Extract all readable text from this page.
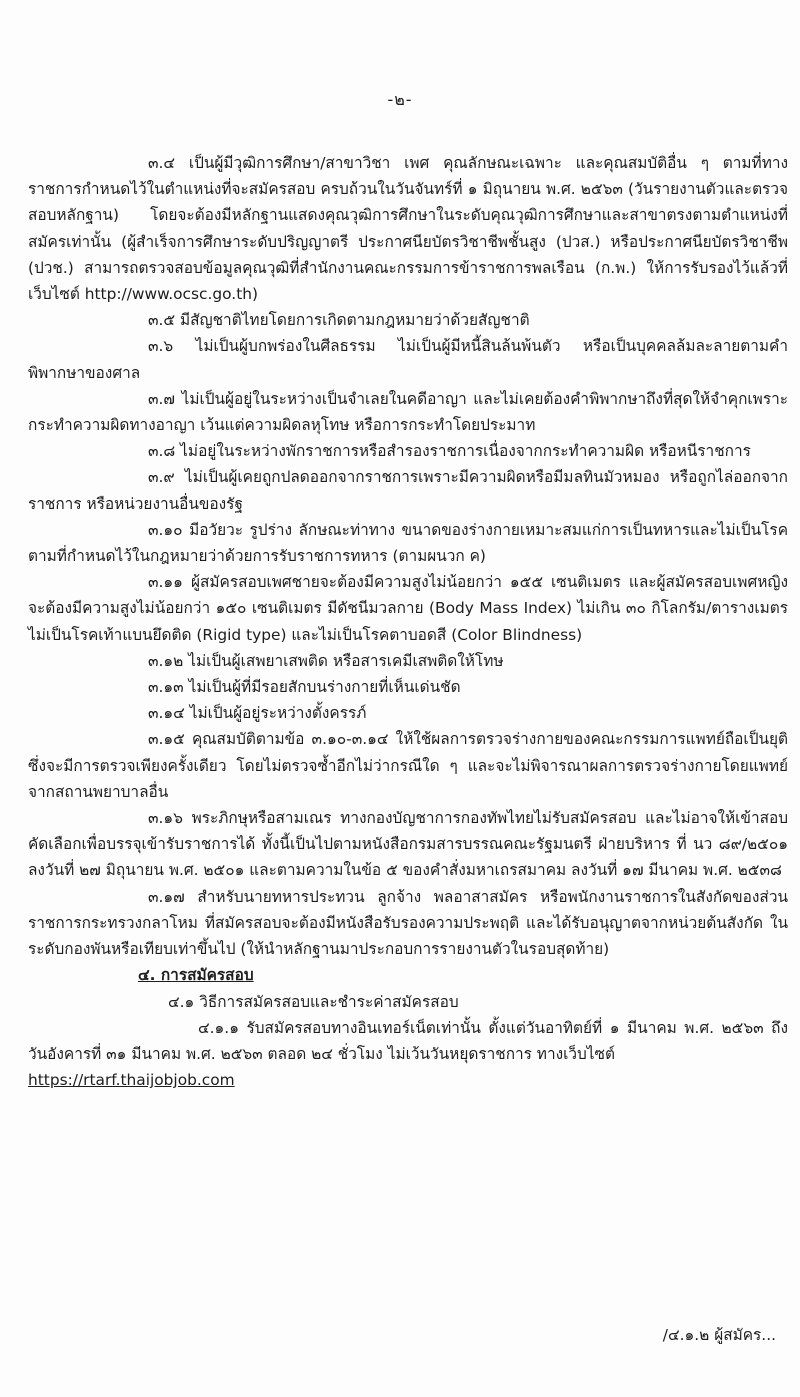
-๒-

๓.๔ เป็นผู้มีวุฒิการศึกษา/สาขาวิชา เพศ คุณลักษณะเฉพาะ และคุณสมบัติอื่น ๆ ตามที่ทางราชการกำหนดไว้ในตำแหน่งที่จะสมัครสอบ ครบถ้วนในวันจันทร์ที่ ๑ มิถุนายน พ.ศ. ๒๕๖๓ (วันรายงานตัวและตรวจสอบหลักฐาน) โดยจะต้องมีหลักฐานแสดงคุณวุฒิการศึกษาในระดับคุณวุฒิการศึกษาและสาขาตรงตามตำแหน่งที่สมัครเท่านั้น (ผู้สำเร็จการศึกษาระดับปริญญาตรี ประกาศนียบัตรวิชาชีพชั้นสูง (ปวส.) หรือประกาศนียบัตรวิชาชีพ (ปวช.) สามารถตรวจสอบข้อมูลคุณวุฒิที่สำนักงานคณะกรรมการข้าราชการพลเรือน (ก.พ.) ให้การรับรองไว้แล้วที่เว็บไซต์ http://www.ocsc.go.th)

๓.๕ มีสัญชาติไทยโดยการเกิดตามกฎหมายว่าด้วยสัญชาติ

๓.๖ ไม่เป็นผู้บกพร่องในศีลธรรม ไม่เป็นผู้มีหนี้สินล้นพ้นตัว หรือเป็นบุคคลล้มละลายตามคำพิพากษาของศาล

๓.๗ ไม่เป็นผู้อยู่ในระหว่างเป็นจำเลยในคดีอาญา และไม่เคยต้องคำพิพากษาถึงที่สุดให้จำคุกเพราะกระทำความผิดทางอาญา เว้นแต่ความผิดลหุโทษ หรือการกระทำโดยประมาท

๓.๘ ไม่อยู่ในระหว่างพักราชการหรือสำรองราชการเนื่องจากกระทำความผิด หรือหนีราชการ

๓.๙ ไม่เป็นผู้เคยถูกปลดออกจากราชการเพราะมีความผิดหรือมีมลทินมัวหมอง หรือถูกไล่ออกจากราชการ หรือหน่วยงานอื่นของรัฐ

๓.๑๐ มีอวัยวะ รูปร่าง ลักษณะท่าทาง ขนาดของร่างกายเหมาะสมแก่การเป็นทหารและไม่เป็นโรคตามที่กำหนดไว้ในกฎหมายว่าด้วยการรับราชการทหาร (ตามผนวก ค)

๓.๑๑ ผู้สมัครสอบเพศชายจะต้องมีความสูงไม่น้อยกว่า ๑๕๕ เซนติเมตร และผู้สมัครสอบเพศหญิงจะต้องมีความสูงไม่น้อยกว่า ๑๕๐ เซนติเมตร มีดัชนีมวลกาย (Body Mass Index) ไม่เกิน ๓๐ กิโลกรัม/ตารางเมตร ไม่เป็นโรคเท้าแบนยึดติด (Rigid type) และไม่เป็นโรคตาบอดสี (Color Blindness)

๓.๑๒ ไม่เป็นผู้เสพยาเสพติด หรือสารเคมีเสพติดให้โทษ

๓.๑๓ ไม่เป็นผู้ที่มีรอยสักบนร่างกายที่เห็นเด่นชัด

๓.๑๔ ไม่เป็นผู้อยู่ระหว่างตั้งครรภ์

๓.๑๕ คุณสมบัติตามข้อ ๓.๑๐-๓.๑๔ ให้ใช้ผลการตรวจร่างกายของคณะกรรมการแพทย์ถือเป็นยุติ ซึ่งจะมีการตรวจเพียงครั้งเดียว โดยไม่ตรวจซ้ำอีกไม่ว่ากรณีใด ๆ และจะไม่พิจารณาผลการตรวจร่างกายโดยแพทย์จากสถานพยาบาลอื่น

๓.๑๖ พระภิกษุหรือสามเณร ทางกองบัญชาการกองทัพไทยไม่รับสมัครสอบ และไม่อาจให้เข้าสอบคัดเลือกเพื่อบรรจุเข้ารับราชการได้ ทั้งนี้เป็นไปตามหนังสือกรมสารบรรณคณะรัฐมนตรี ฝ่ายบริหาร ที่ นว ๘๙/๒๕๐๑ ลงวันที่ ๒๗ มิถุนายน พ.ศ. ๒๕๐๑ และตามความในข้อ ๕ ของคำสั่งมหาเถรสมาคม ลงวันที่ ๑๗ มีนาคม พ.ศ. ๒๕๓๘

๓.๑๗ สำหรับนายทหารประทวน ลูกจ้าง พลอาสาสมัคร หรือพนักงานราชการในสังกัดของส่วนราชการกระทรวงกลาโหม ที่สมัครสอบจะต้องมีหนังสือรับรองความประพฤติ และได้รับอนุญาตจากหน่วยต้นสังกัด ในระดับกองพันหรือเทียบเท่าขึ้นไป (ให้นำหลักฐานมาประกอบการรายงานตัวในรอบสุดท้าย)

๔. การสมัครสอบ

๔.๑ วิธีการสมัครสอบและชำระค่าสมัครสอบ

๔.๑.๑ รับสมัครสอบทางอินเทอร์เน็ตเท่านั้น ตั้งแต่วันอาทิตย์ที่ ๑ มีนาคม พ.ศ. ๒๕๖๓ ถึงวันอังคารที่ ๓๑ มีนาคม พ.ศ. ๒๕๖๓ ตลอด ๒๔ ชั่วโมง ไม่เว้นวันหยุดราชการ ทางเว็บไซต์

https://rtarf.thaijobjob.com

/๔.๑.๒ ผู้สมัคร...
